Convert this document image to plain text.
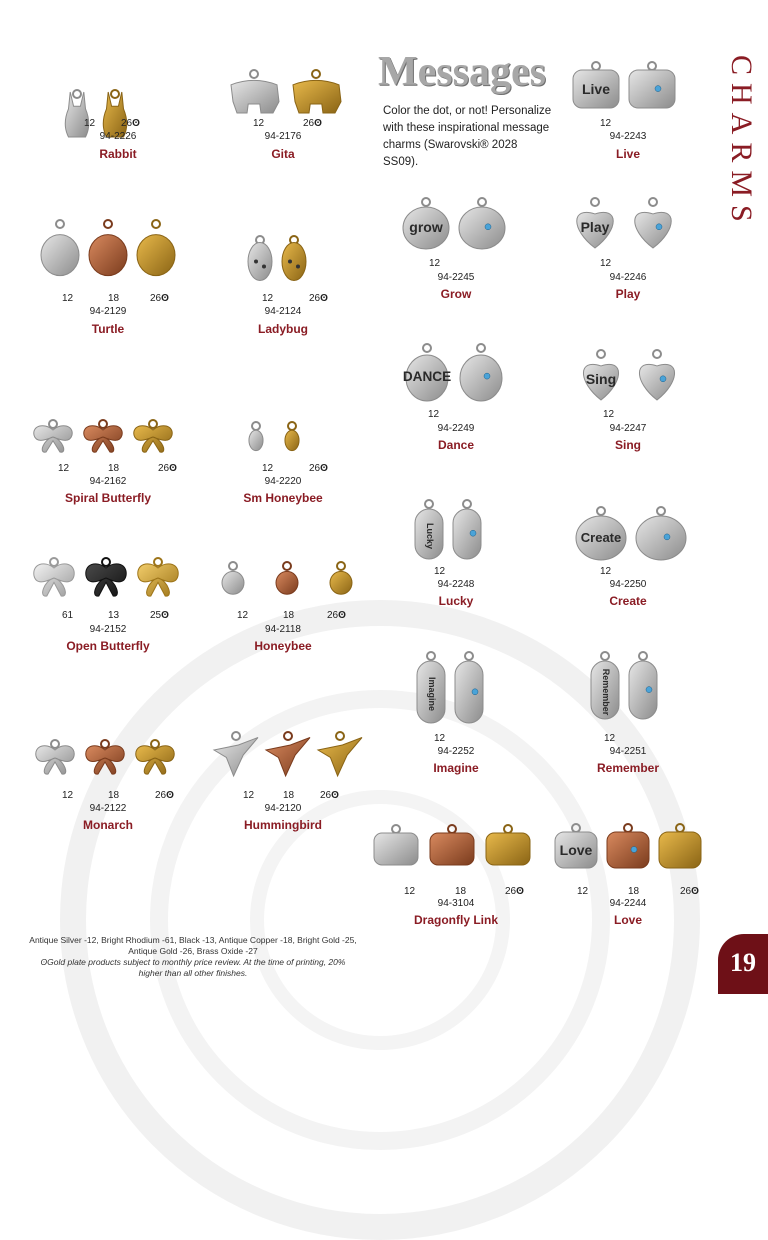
Messages
Color the dot, or not! Personalize with these inspirational message charms (Swarovski® 2028 SS09).	CHARMS
12	26ʘ
94-2226
Rabbit
12	26ʘ
94-2176
Gita
Live
12
94-2243
Live
12	18	26ʘ
94-2129
Turtle
12	26ʘ
94-2124
Ladybug
grow
12
94-2245
Grow
Play
12
94-2246
Play
DANCE
12
94-2249
Dance
Sing
12
94-2247
Sing
12	18	26ʘ
94-2162
Spiral Butterfly
12	26ʘ
94-2220
Sm Honeybee
Lucky
12
94-2248
Lucky
Create
12
94-2250
Create
61	13	25ʘ
94-2152
Open Butterfly
12	18	26ʘ
94-2118
Honeybee
Imagine
12
94-2252
Imagine
Remember
12
94-2251
Remember
12	18	26ʘ
94-2122
Monarch
12	18	26ʘ
94-2120
Hummingbird
12	18	26ʘ
94-3104
Dragonfly Link
Love
12	18	26ʘ
94-2244
Love
Antique Silver -12, Bright Rhodium -61, Black -13, Antique Copper -18, Bright Gold -25, Antique Gold -26, Brass Oxide -27
ʘGold plate products subject to monthly price review. At the time of printing, 20% higher than all other finishes.	19
